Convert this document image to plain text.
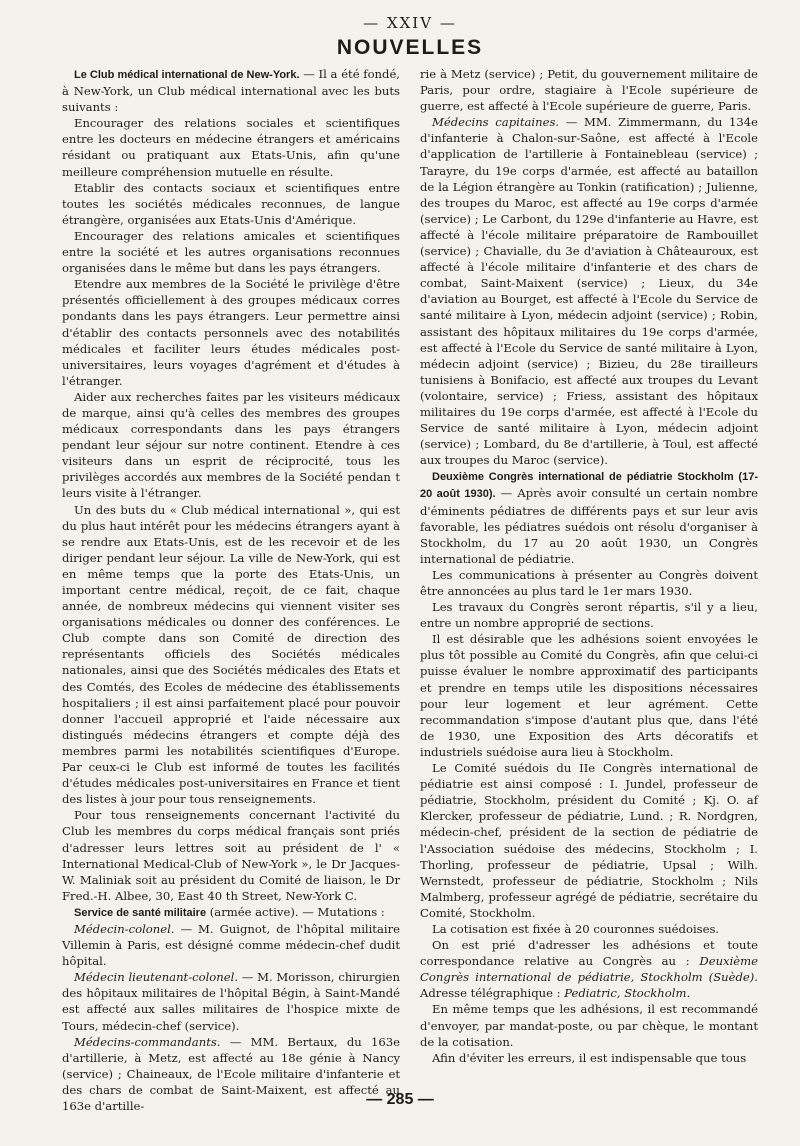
— XXIV —
NOUVELLES

Le Club médical international de New-York. — Il a été fondé, à New-York, un Club médical international avec les buts suivants :

Encourager des relations sociales et scientifiques entre les docteurs en médecine étrangers et américains résidant ou pratiquant aux Etats-Unis, afin qu'une meilleure compréhension mutuelle en résulte.

Etablir des contacts sociaux et scientifiques entre toutes les sociétés médicales reconnues, de langue étrangère, organisées aux Etats-Unis d'Amérique.

Encourager des relations amicales et scientifiques entre la société et les autres organisations reconnues organisées dans le même but dans les pays étrangers.

Etendre aux membres de la Société le privilège d'être présentés officiellement à des groupes médicaux corres pondants dans les pays étrangers. Leur permettre ainsi d'établir des contacts personnels avec des notabilités médicales et faciliter leurs études médicales post-universitaires, leurs voyages d'agrément et d'études à l'étranger.

Aider aux recherches faites par les visiteurs médicaux de marque, ainsi qu'à celles des membres des groupes médicaux correspondants dans les pays étrangers pendant leur séjour sur notre continent. Etendre à ces visiteurs dans un esprit de réciprocité, tous les privilèges accordés aux membres de la Société pendan t leurs visite à l'étranger.

Un des buts du « Club médical international », qui est du plus haut intérêt pour les médecins étrangers ayant à se rendre aux Etats-Unis, est de les recevoir et de les diriger pendant leur séjour. La ville de New-York, qui est en même temps que la porte des Etats-Unis, un important centre médical, reçoit, de ce fait, chaque année, de nombreux médecins qui viennent visiter ses organisations médicales ou donner des conférences. Le Club compte dans son Comité de direction des représentants officiels des Sociétés médicales nationales, ainsi que des Sociétés médicales des Etats et des Comtés, des Ecoles de médecine des établissements hospitaliers ; il est ainsi parfaitement placé pour pouvoir donner l'accueil approprié et l'aide nécessaire aux distingués médecins étrangers et compte déjà des membres parmi les notabilités scientifiques d'Europe. Par ceux-ci le Club est informé de toutes les facilités d'études médicales post-universitaires en France et tient des listes à jour pour tous renseignements.

Pour tous renseignements concernant l'activité du Club les membres du corps médical français sont priés d'adresser leurs lettres soit au président de l' « International Medical-Club of New-York », le Dr Jacques-W. Maliniak soit au président du Comité de liaison, le Dr Fred.-H. Albee, 30, East 40 th Street, New-York C.

Service de santé militaire (armée active). — Mutations :

Médecin-colonel. — M. Guignot, de l'hôpital militaire Villemin à Paris, est désigné comme médecin-chef dudit hôpital.

Médecin lieutenant-colonel. — M. Morisson, chirurgien des hôpitaux militaires de l'hôpital Bégin, à Saint-Mandé est affecté aux salles militaires de l'hospice mixte de Tours, médecin-chef (service).

Médecins-commandants. — MM. Bertaux, du 163e d'artillerie, à Metz, est affecté au 18e génie à Nancy (service) ; Chaineaux, de l'Ecole militaire d'infanterie et des chars de combat de Saint-Maixent, est affecté au 163e d'artille-

rie à Metz (service) ; Petit, du gouvernement militaire de Paris, pour ordre, stagiaire à l'Ecole supérieure de guerre, est affecté à l'Ecole supérieure de guerre, Paris.

Médecins capitaines. — MM. Zimmermann, du 134e d'infanterie à Chalon-sur-Saône, est affecté à l'Ecole d'application de l'artillerie à Fontainebleau (service) ; Tarayre, du 19e corps d'armée, est affecté au bataillon de la Légion étrangère au Tonkin (ratification) ; Julienne, des troupes du Maroc, est affecté au 19e corps d'armée (service) ; Le Carbont, du 129e d'infanterie au Havre, est affecté à l'école militaire préparatoire de Rambouillet (service) ; Chavialle, du 3e d'aviation à Châteauroux, est affecté à l'école militaire d'infanterie et des chars de combat, Saint-Maixent (service) ; Lieux, du 34e d'aviation au Bourget, est affecté à l'Ecole du Service de santé militaire à Lyon, médecin adjoint (service) ; Robin, assistant des hôpitaux militaires du 19e corps d'armée, est affecté à l'Ecole du Service de santé militaire à Lyon, médecin adjoint (service) ; Bizieu, du 28e tirailleurs tunisiens à Bonifacio, est affecté aux troupes du Levant (volontaire, service) ; Friess, assistant des hôpitaux militaires du 19e corps d'armée, est affecté à l'Ecole du Service de santé militaire à Lyon, médecin adjoint (service) ; Lombard, du 8e d'artillerie, à Toul, est affecté aux troupes du Maroc (service).

Deuxième Congrès international de pédiatrie Stockholm (17-20 août 1930). — Après avoir consulté un certain nombre d'éminents pédiatres de différents pays et sur leur avis favorable, les pédiatres suédois ont résolu d'organiser à Stockholm, du 17 au 20 août 1930, un Congrès international de pédiatrie.

Les communications à présenter au Congrès doivent être annoncées au plus tard le 1er mars 1930.

Les travaux du Congrès seront répartis, s'il y a lieu, entre un nombre approprié de sections.

Il est désirable que les adhésions soient envoyées le plus tôt possible au Comité du Congrès, afin que celui-ci puisse évaluer le nombre approximatif des participants et prendre en temps utile les dispositions nécessaires pour leur logement et leur agrément. Cette recommandation s'impose d'autant plus que, dans l'été de 1930, une Exposition des Arts décoratifs et industriels suédoise aura lieu à Stockholm.

Le Comité suédois du IIe Congrès international de pédiatrie est ainsi composé : I. Jundel, professeur de pédiatrie, Stockholm, président du Comité ; Kj. O. af Klercker, professeur de pédiatrie, Lund. ; R. Nordgren, médecin-chef, président de la section de pédiatrie de l'Association suédoise des médecins, Stockholm ; I. Thorling, professeur de pédiatrie, Upsal ; Wilh. Wernstedt, professeur de pédiatrie, Stockholm ; Nils Malmberg, professeur agrégé de pédiatrie, secrétaire du Comité, Stockholm.

La cotisation est fixée à 20 couronnes suédoises.

On est prié d'adresser les adhésions et toute correspondance relative au Congrès au : Deuxième Congrès international de pédiatrie, Stockholm (Suède). Adresse télégraphique : Pediatric, Stockholm.

En même temps que les adhésions, il est recommandé d'envoyer, par mandat-poste, ou par chèque, le montant de la cotisation.

Afin d'éviter les erreurs, il est indispensable que tous

— 285 —
